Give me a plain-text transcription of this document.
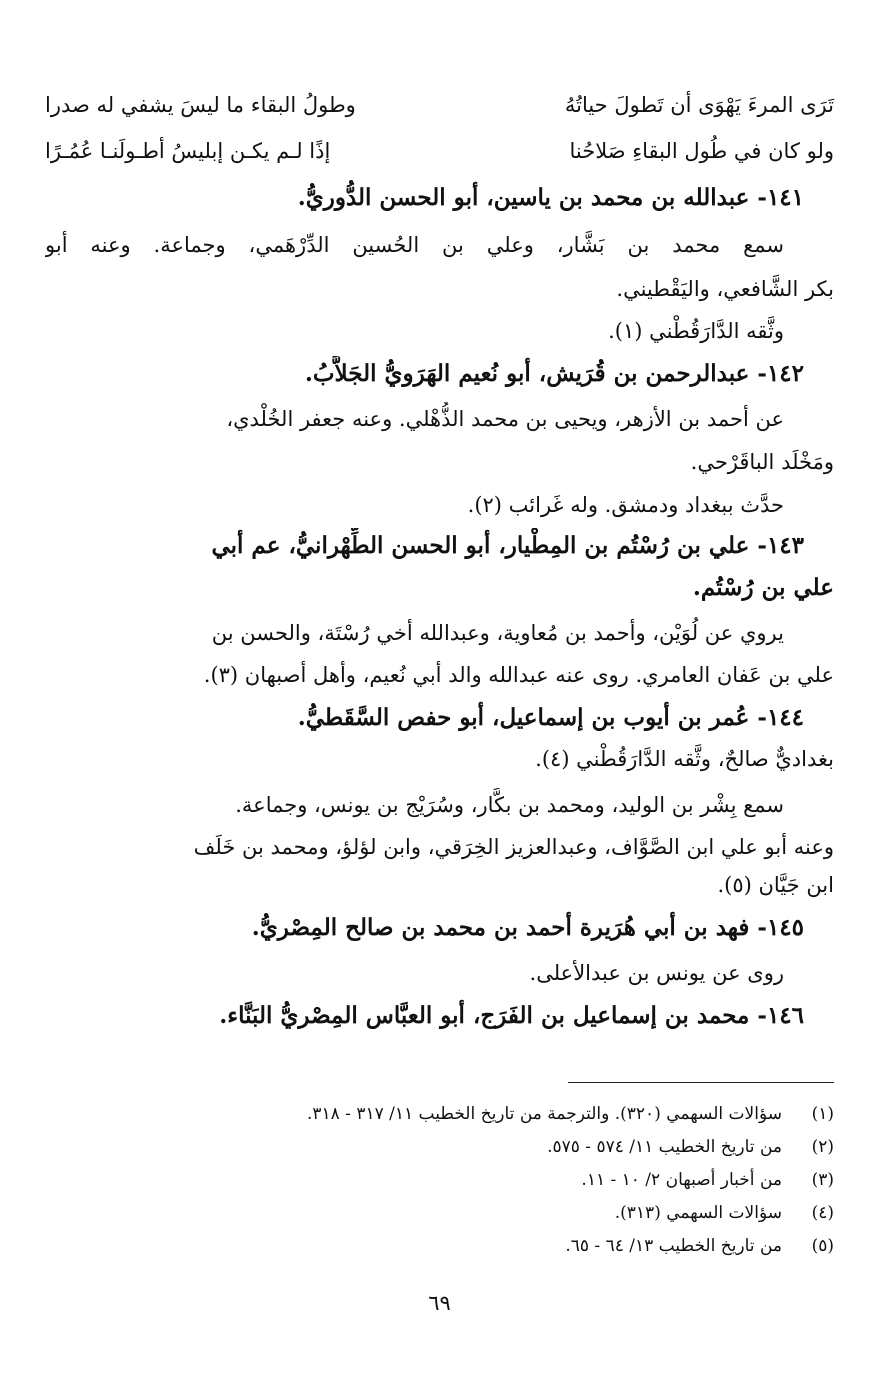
تَرَى المرءَ يَهْوَى أن تَطولَ حياتُهُ
وطولُ البقاء ما ليسَ يشفي له صدرا
ولو كان في طُول البقاءِ صَلاحُنا
إذًا لـم يكـن إبليسُ أطـولَنـا عُمُـرًا
١٤١- عبدالله بن محمد بن ياسين، أبو الحسن الدُّوريُّ.
سمع محمد بن بَشَّار، وعلي بن الحُسين الدِّرْهَمي، وجماعة. وعنه أبو
بكر الشَّافعي، واليَقْطيني.
وثَّقه الدَّارَقُطْني (١).
١٤٢- عبدالرحمن بن قُرَيش، أبو نُعيم الهَرَويُّ الجَلاَّبُ.
عن أحمد بن الأزهر، ويحيى بن محمد الذُّهْلي. وعنه جعفر الخُلْدي،
ومَخْلَد الباقَرْحي.
حدَّث ببغداد ودمشق. وله غَرائب (٢).
١٤٣- علي بن رُسْتُم بن المِطْيار، أبو الحسن الطِّهْرانيُّ، عم أبي
علي بن رُسْتُم.
يروي عن لُوَيْن، وأحمد بن مُعاوية، وعبدالله أخي رُسْتَة، والحسن بن
علي بن عَفان العامري. روى عنه عبدالله والد أبي نُعيم، وأهل أصبهان (٣).
١٤٤- عُمر بن أيوب بن إسماعيل، أبو حفص السَّقَطيُّ.
بغداديٌّ صالحٌ، وثَّقه الدَّارَقُطْني (٤).
سمع بِشْر بن الوليد، ومحمد بن بكَّار، وسُرَيْج بن يونس، وجماعة.
وعنه أبو علي ابن الصَّوَّاف، وعبدالعزيز الخِرَقي، وابن لؤلؤ، ومحمد بن خَلَف
ابن جَيَّان (٥).
١٤٥- فهد بن أبي هُرَيرة أحمد بن محمد بن صالح المِصْريُّ.
روى عن يونس بن عبدالأعلى.
١٤٦- محمد بن إسماعيل بن الفَرَج، أبو العبَّاس المِصْريُّ البَنَّاء.
(١)
سؤالات السهمي (٣٢٠). والترجمة من تاريخ الخطيب ١١/ ٣١٧ - ٣١٨.
(٢)
من تاريخ الخطيب ١١/ ٥٧٤ - ٥٧٥.
(٣)
من أخبار أصبهان ٢/ ١٠ - ١١.
(٤)
سؤالات السهمي (٣١٣).
(٥)
من تاريخ الخطيب ١٣/ ٦٤ - ٦٥.
٦٩
